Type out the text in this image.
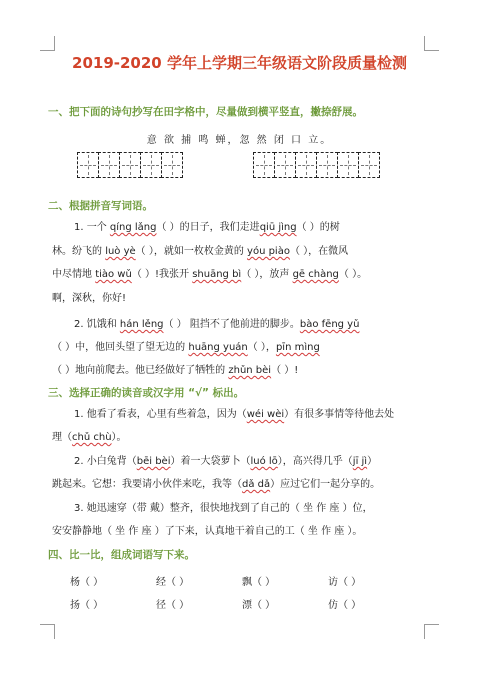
2019-2020 学年上学期三年级语文阶段质量检测
一、把下面的诗句抄写在田字格中，尽量做到横平竖直，撇捺舒展。
意 欲 捕 鸣 蝉，忽 然 闭 口 立。
二、根据拼音写词语。
1. 一个 qíng lǎng（ ）的日子，我们走进qiū jìng（ ）的树
林。纷飞的 luò yè（ ），就如一枚枚金黄的 yóu piào（ ），在微风
中尽情地 tiào wǔ（ ）!我张开 shuāng bì（ ），放声 gē chàng（ ）。
啊，深秋，你好!
2. 饥饿和 hán lěng（ ） 阻挡不了他前进的脚步。bào fēng yǔ
（ ）中，他回头望了望无边的 huāng yuán（ ），pīn mìng
（ ）地向前爬去。他已经做好了牺牲的 zhǔn bèi（ ）!
三、选择正确的读音或汉字用 “√” 标出。
1. 他看了看表，心里有些着急，因为（wéi wèi）有很多事情等待他去处
理（chǔ chù）。
2. 小白兔背（bēi bèi）着一大袋萝卜（luó lō），高兴得几乎（jī jì）
跳起来。它想：我要请小伙伴来吃，我等（dǎ dǎ）应过它们一起分享的。
3. 她迅速穿（带 戴）整齐，很快地找到了自己的（ 坐 作 座 ）位，
安安静静地（ 坐 作 座 ）了下来，认真地干着自己的工（ 坐 作 座 ）。
四、比一比，组成词语写下来。
杨（ ）	经（ ）	飘（ ）	访（ ）
扬（ ）	径（ ）	漂（ ）	仿（ ）
